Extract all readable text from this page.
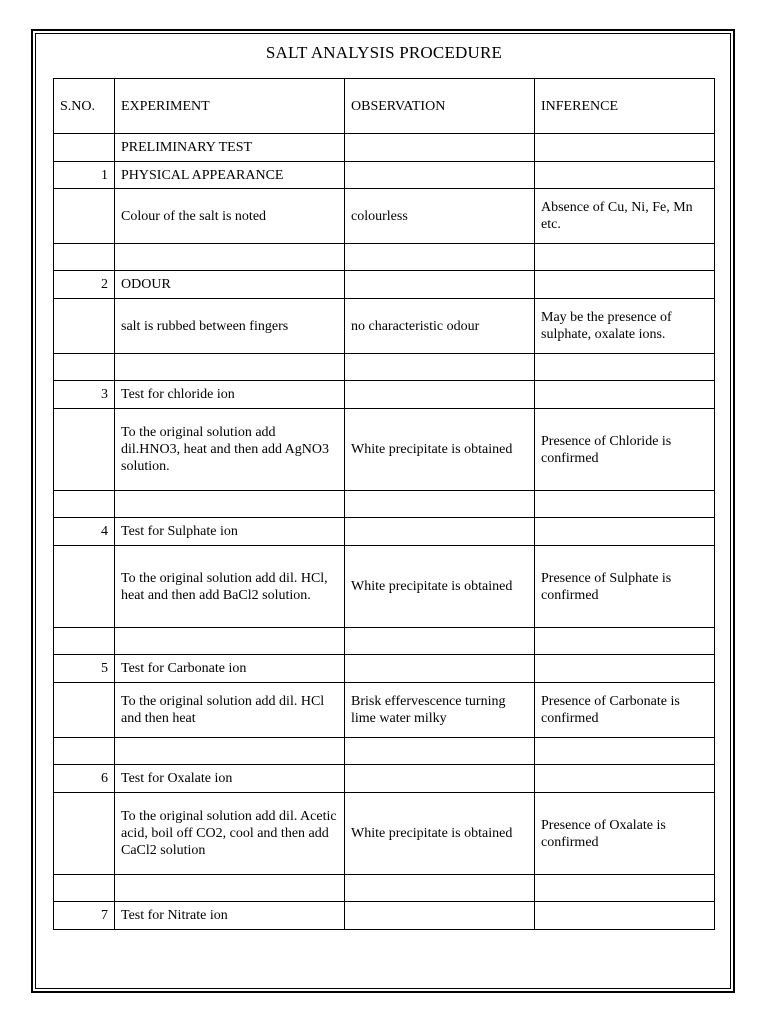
SALT ANALYSIS PROCEDURE
S.NO.	EXPERIMENT	OBSERVATION	INFERENCE
	PRELIMINARY TEST		
1	PHYSICAL APPEARANCE		
	Colour of the salt is noted	colourless	Absence of Cu, Ni, Fe, Mn etc.

2	ODOUR		
	salt is rubbed between fingers	no characteristic odour	May be the presence of sulphate, oxalate ions.

3	Test for chloride ion		
	To the original solution add dil.HNO3, heat and then add AgNO3 solution.	White precipitate is obtained	Presence of Chloride is confirmed

4	Test for Sulphate ion		
	To the original solution add dil. HCl, heat and then add BaCl2 solution.	White precipitate is obtained	Presence of Sulphate is confirmed

5	Test for Carbonate ion		
	To the original solution add dil. HCl and then heat	Brisk effervescence turning lime water milky	Presence of Carbonate is confirmed

6	Test for Oxalate ion		
	To the original solution add dil. Acetic acid, boil off CO2, cool and then add CaCl2 solution	White precipitate is obtained	Presence of Oxalate is confirmed

7	Test for Nitrate ion		
